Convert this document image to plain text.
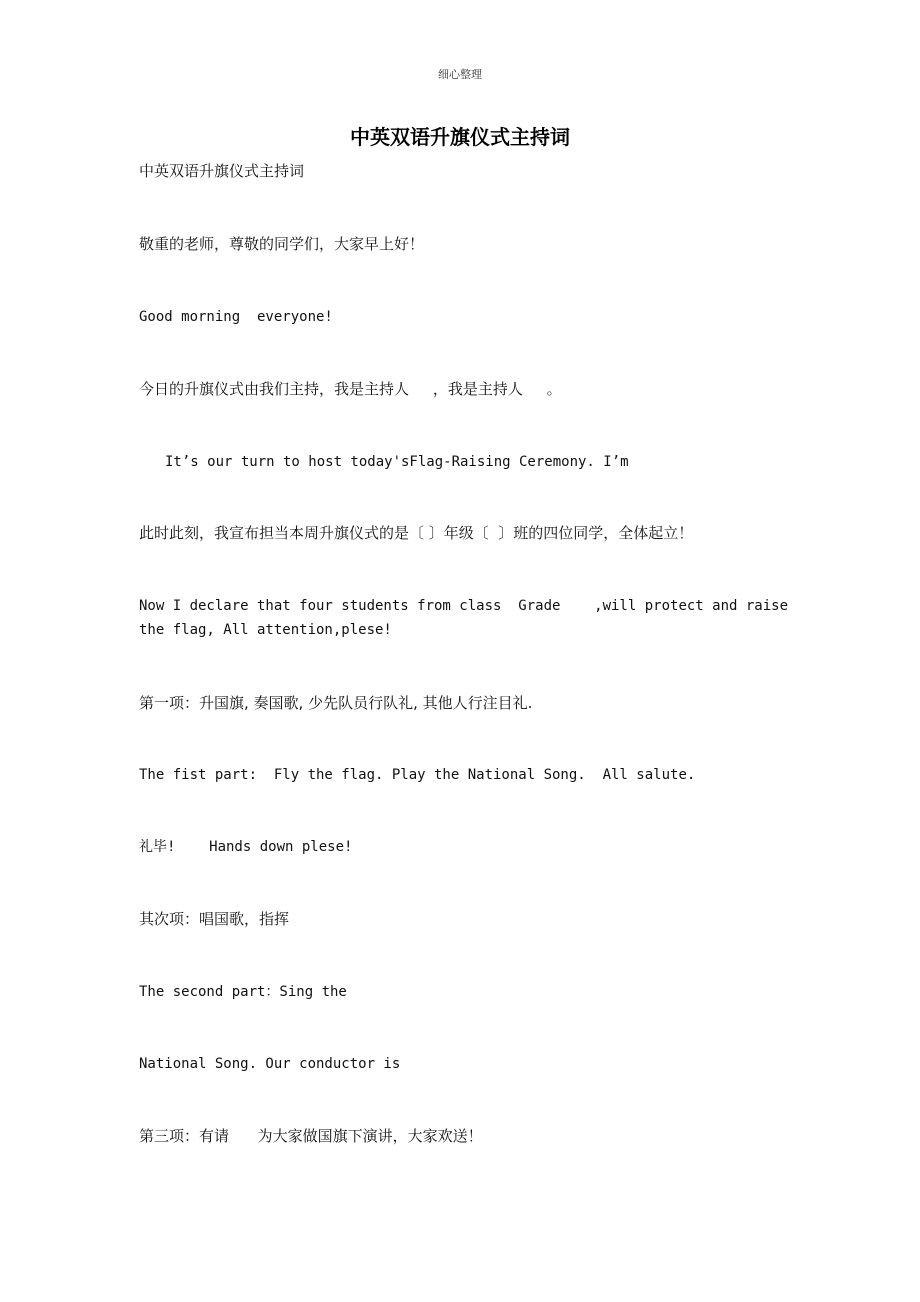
细心整理
中英双语升旗仪式主持词

中英双语升旗仪式主持词

敬重的老师，尊敬的同学们，大家早上好！

Good morning  everyone!

今日的升旗仪式由我们主持，我是主持人     ，我是主持人     。

It’s our turn to host today'sFlag-Raising Ceremony. I’m

此时此刻，我宣布担当本周升旗仪式的是〔 〕年级〔  〕班的四位同学，全体起立！

Now I declare that four students from class  Grade    ,will protect and raise

the flag, All attention,plese!

第一项：升国旗, 奏国歌, 少先队员行队礼, 其他人行注目礼.

The fist part:  Fly the flag. Play the National Song.  All salute.

礼毕!    Hands down plese!

其次项：唱国歌，指挥

The second part：Sing the

National Song. Our conductor is

第三项：有请      为大家做国旗下演讲，大家欢送！
